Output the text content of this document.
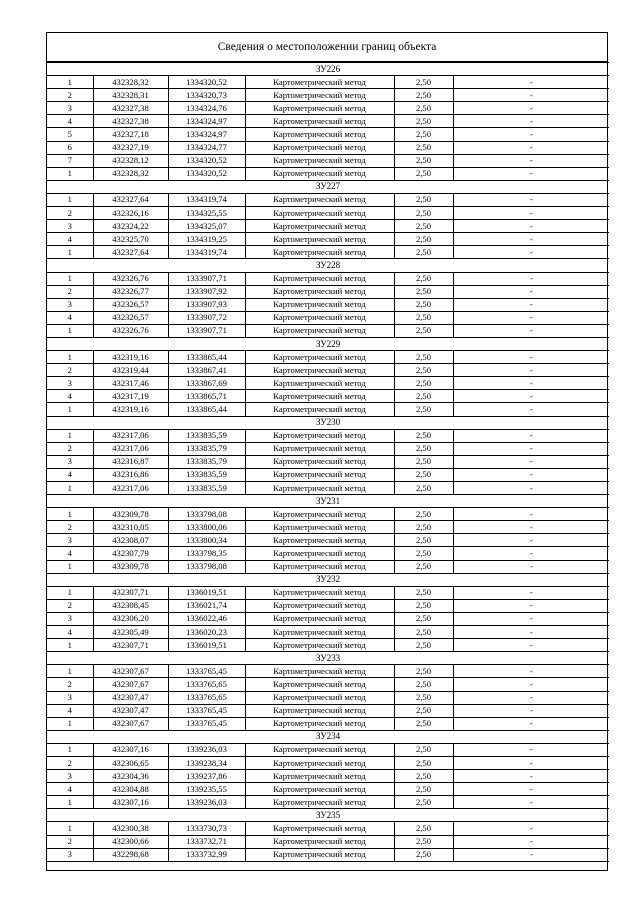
Сведения о местоположении границ объекта
ЗУ226					
1	432328,32	1334320,52	Картометрический метод	2,50	-
2	432328,31	1334320,73	Картометрический метод	2,50	-
3	432327,38	1334324,76	Картометрический метод	2,50	-
4	432327,38	1334324,97	Картометрический метод	2,50	-
5	432327,18	1334324,97	Картометрический метод	2,50	-
6	432327,19	1334324,77	Картометрический метод	2,50	-
7	432328,12	1334320,52	Картометрический метод	2,50	-
1	432328,32	1334320,52	Картометрический метод	2,50	-
ЗУ227					
1	432327,64	1334319,74	Картометрический метод	2,50	-
2	432326,16	1334325,55	Картометрический метод	2,50	-
3	432324,22	1334325,07	Картометрический метод	2,50	-
4	432325,70	1334319,25	Картометрический метод	2,50	-
1	432327,64	1334319,74	Картометрический метод	2,50	-
ЗУ228					
1	432326,76	1333907,71	Картометрический метод	2,50	-
2	432326,77	1333907,92	Картометрический метод	2,50	-
3	432326,57	1333907,93	Картометрический метод	2,50	-
4	432326,57	1333907,72	Картометрический метод	2,50	-
1	432326,76	1333907,71	Картометрический метод	2,50	-
ЗУ229					
1	432319,16	1333865,44	Картометрический метод	2,50	-
2	432319,44	1333867,41	Картометрический метод	2,50	-
3	432317,46	1333867,69	Картометрический метод	2,50	-
4	432317,19	1333865,71	Картометрический метод	2,50	-
1	432319,16	1333865,44	Картометрический метод	2,50	-
ЗУ230					
1	432317,06	1333835,59	Картометрический метод	2,50	-
2	432317,06	1333835,79	Картометрический метод	2,50	-
3	432316,87	1333835,79	Картометрический метод	2,50	-
4	432316,86	1333835,59	Картометрический метод	2,50	-
1	432317,06	1333835,59	Картометрический метод	2,50	-
ЗУ231					
1	432309,78	1333798,08	Картометрический метод	2,50	-
2	432310,05	1333800,06	Картометрический метод	2,50	-
3	432308,07	1333800,34	Картометрический метод	2,50	-
4	432307,79	1333798,35	Картометрический метод	2,50	-
1	432309,78	1333798,08	Картометрический метод	2,50	-
ЗУ232					
1	432307,71	1336019,51	Картометрический метод	2,50	-
2	432308,45	1336021,74	Картометрический метод	2,50	-
3	432306,20	1336022,46	Картометрический метод	2,50	-
4	432305,49	1336020,23	Картометрический метод	2,50	-
1	432307,71	1336019,51	Картометрический метод	2,50	-
ЗУ233					
1	432307,67	1333765,45	Картометрический метод	2,50	-
2	432307,67	1333765,65	Картометрический метод	2,50	-
3	432307,47	1333765,65	Картометрический метод	2,50	-
4	432307,47	1333765,45	Картометрический метод	2,50	-
1	432307,67	1333765,45	Картометрический метод	2,50	-
ЗУ234					
1	432307,16	1339236,03	Картометрический метод	2,50	-
2	432306,65	1339238,34	Картометрический метод	2,50	-
3	432304,36	1339237,86	Картометрический метод	2,50	-
4	432304,88	1339235,55	Картометрический метод	2,50	-
1	432307,16	1339236,03	Картометрический метод	2,50	-
ЗУ235					
1	432300,38	1333730,73	Картометрический метод	2,50	-
2	432300,66	1333732,71	Картометрический метод	2,50	-
3	432298,68	1333732,99	Картометрический метод	2,50	-
